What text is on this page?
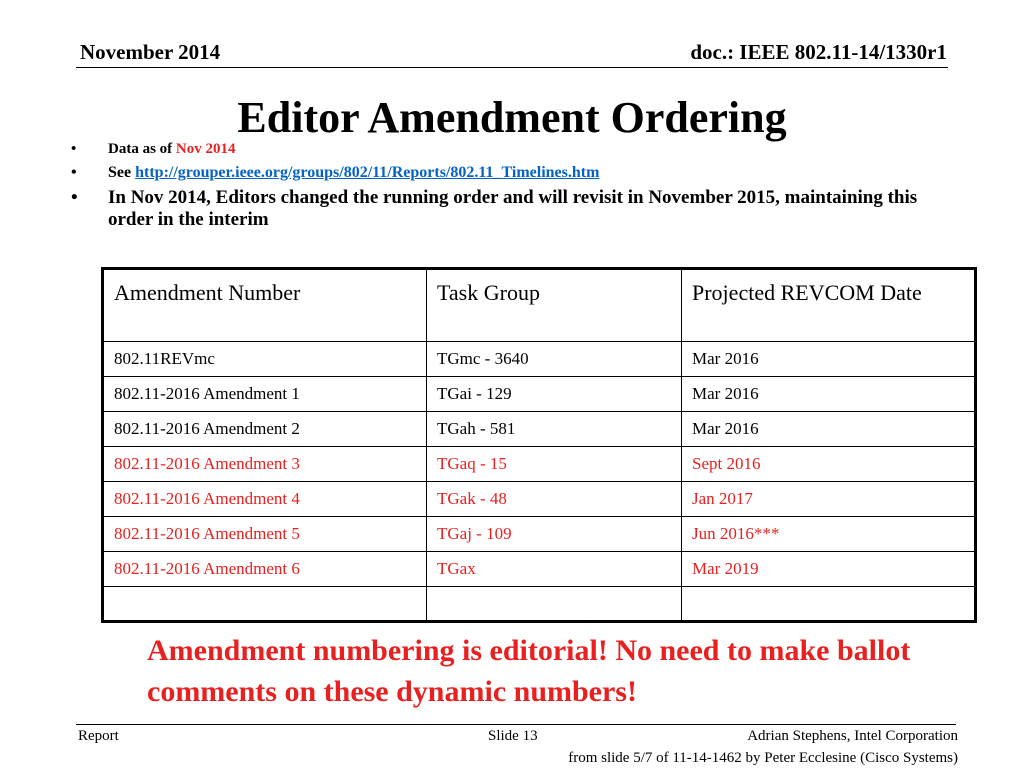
November 2014	doc.: IEEE 802.11-14/1330r1
Editor Amendment Ordering
• Data as of Nov 2014
• See http://grouper.ieee.org/groups/802/11/Reports/802.11_Timelines.htm
• In Nov 2014, Editors changed the running order and will revisit in November 2015, maintaining this order in the interim
Amendment Number	Task Group	Projected REVCOM Date
802.11REVmc	TGmc - 3640	Mar 2016
802.11-2016 Amendment 1	TGai - 129	Mar 2016
802.11-2016 Amendment 2	TGah - 581	Mar 2016
802.11-2016 Amendment 3	TGaq - 15	Sept 2016
802.11-2016 Amendment 4	TGak - 48	Jan 2017
802.11-2016 Amendment 5	TGaj - 109	Jun 2016***
802.11-2016 Amendment 6	TGax	Mar 2019

Amendment numbering is editorial! No need to make ballot comments on these dynamic numbers!
Report	Slide 13	Adrian Stephens, Intel Corporation
from slide 5/7 of 11-14-1462 by Peter Ecclesine (Cisco Systems)
